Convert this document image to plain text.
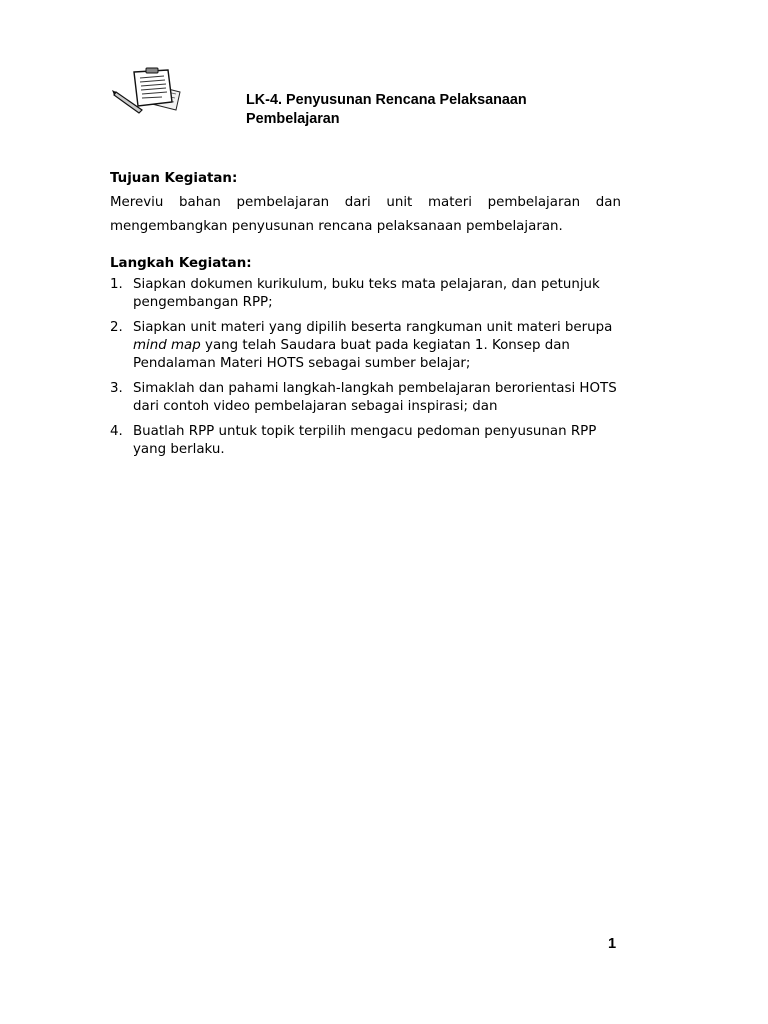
LK-4. Penyusunan Rencana Pelaksanaan Pembelajaran
Tujuan Kegiatan:

Mereviu bahan pembelajaran dari unit materi pembelajaran dan
mengembangkan penyusunan rencana pelaksanaan pembelajaran.

Langkah Kegiatan:
1. Siapkan dokumen kurikulum, buku teks mata pelajaran, dan petunjuk pengembangan RPP;
2. Siapkan unit materi yang dipilih beserta rangkuman unit materi berupa mind map yang telah Saudara buat pada kegiatan 1. Konsep dan Pendalaman Materi HOTS sebagai sumber belajar;
3. Simaklah dan pahami langkah-langkah pembelajaran berorientasi HOTS dari contoh video pembelajaran sebagai inspirasi; dan
4. Buatlah RPP untuk topik terpilih mengacu pedoman penyusunan RPP yang berlaku.
1
